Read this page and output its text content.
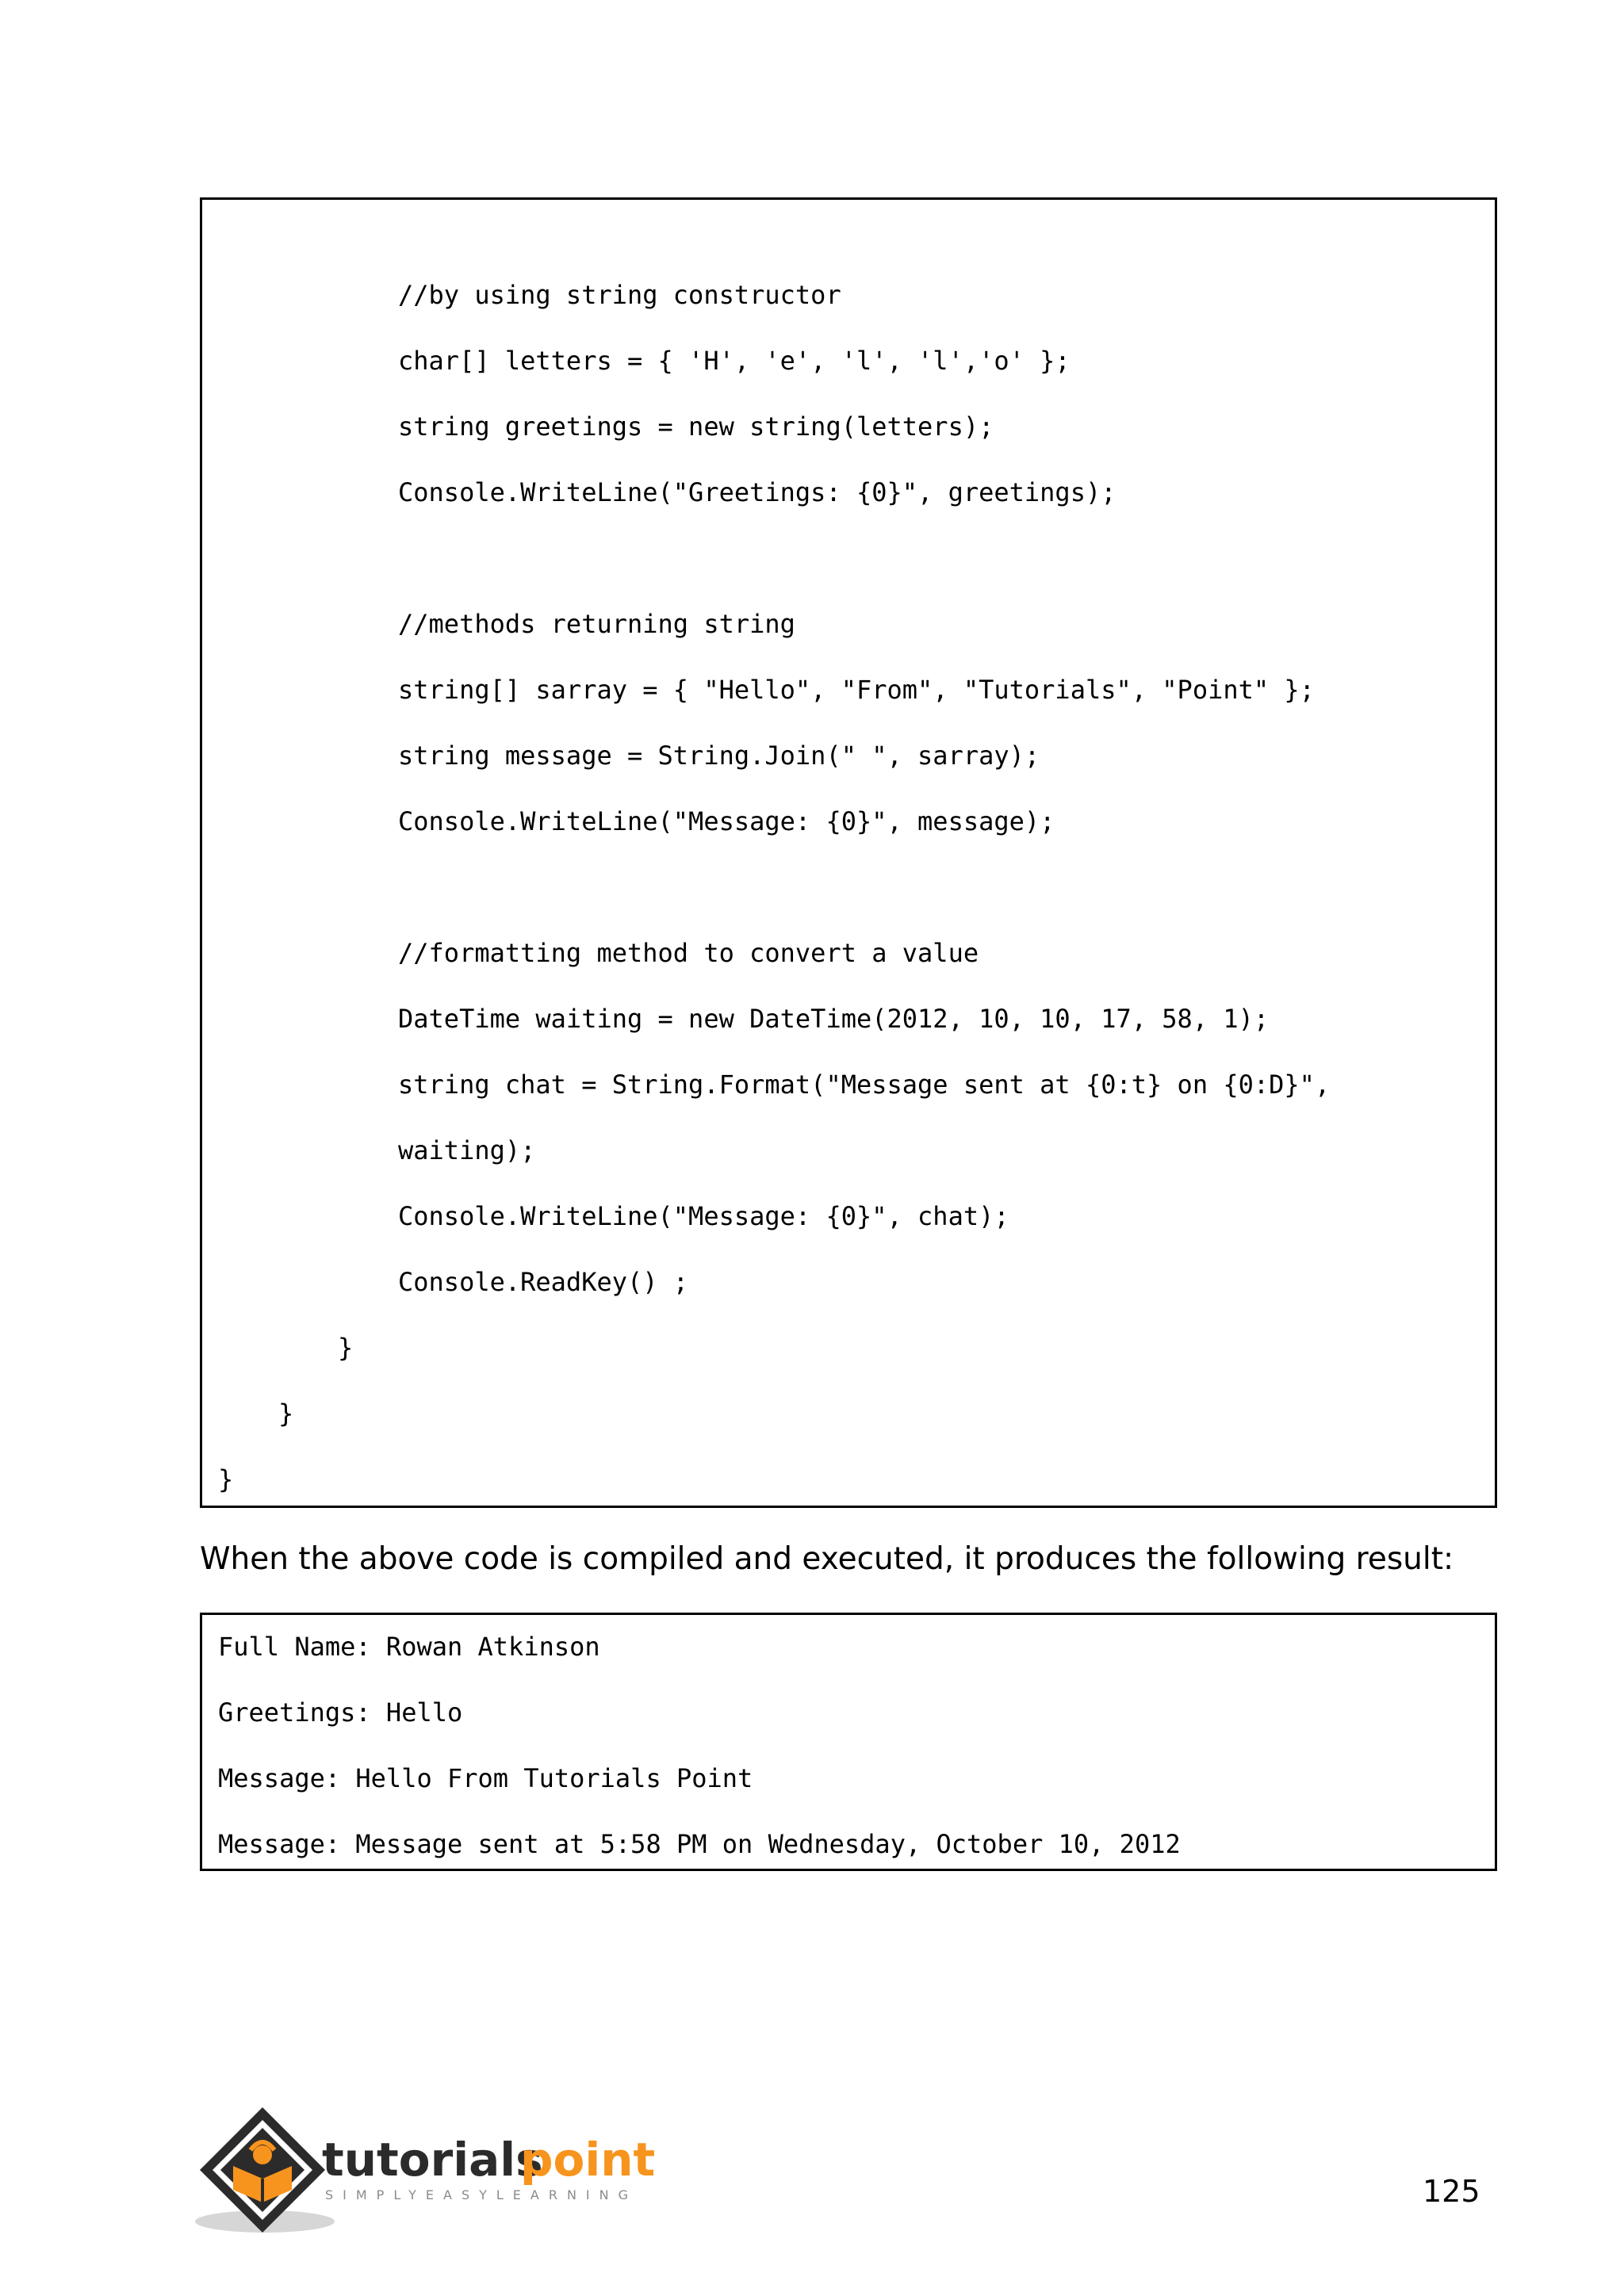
//by using string constructor
char[] letters = { 'H', 'e', 'l', 'l','o' };
string greetings = new string(letters);
Console.WriteLine("Greetings: {0}", greetings);
//methods returning string
string[] sarray = { "Hello", "From", "Tutorials", "Point" };
string message = String.Join(" ", sarray);
Console.WriteLine("Message: {0}", message);
//formatting method to convert a value
DateTime waiting = new DateTime(2012, 10, 10, 17, 58, 1);
string chat = String.Format("Message sent at {0:t} on {0:D}",
waiting);
Console.WriteLine("Message: {0}", chat);
Console.ReadKey() ;
}
}
}
When the above code is compiled and executed, it produces the following result:
Full Name: Rowan Atkinson
Greetings: Hello
Message: Hello From Tutorials Point
Message: Message sent at 5:58 PM on Wednesday, October 10, 2012
tutorials
point
SIMPLYEASYLEARNING	125
